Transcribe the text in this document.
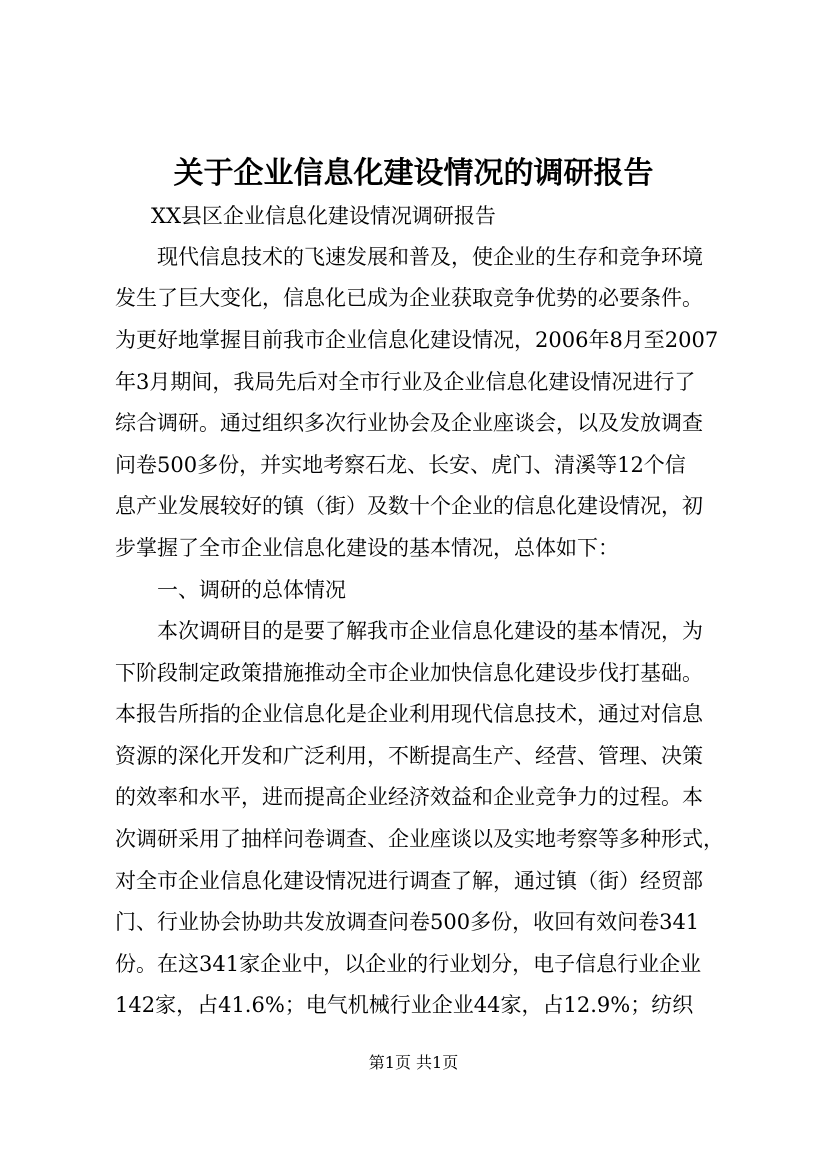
关于企业信息化建设情况的调研报告
XX县区企业信息化建设情况调研报告
　　现代信息技术的飞速发展和普及，使企业的生存和竞争环境
发生了巨大变化，信息化已成为企业获取竞争优势的必要条件。
为更好地掌握目前我市企业信息化建设情况，2006年8月至2007
年3月期间，我局先后对全市行业及企业信息化建设情况进行了
综合调研。通过组织多次行业协会及企业座谈会，以及发放调查
问卷500多份，并实地考察石龙、长安、虎门、清溪等12个信
息产业发展较好的镇（街）及数十个企业的信息化建设情况，初
步掌握了全市企业信息化建设的基本情况，总体如下：
　　一、调研的总体情况
　　本次调研目的是要了解我市企业信息化建设的基本情况，为
下阶段制定政策措施推动全市企业加快信息化建设步伐打基础。
本报告所指的企业信息化是企业利用现代信息技术，通过对信息
资源的深化开发和广泛利用，不断提高生产、经营、管理、决策
的效率和水平，进而提高企业经济效益和企业竞争力的过程。本
次调研采用了抽样问卷调查、企业座谈以及实地考察等多种形式，
对全市企业信息化建设情况进行调查了解，通过镇（街）经贸部
门、行业协会协助共发放调查问卷500多份，收回有效问卷341
份。在这341家企业中，以企业的行业划分，电子信息行业企业
142家，占41.6%；电气机械行业企业44家，占12.9%；纺织
第1页 共1页
